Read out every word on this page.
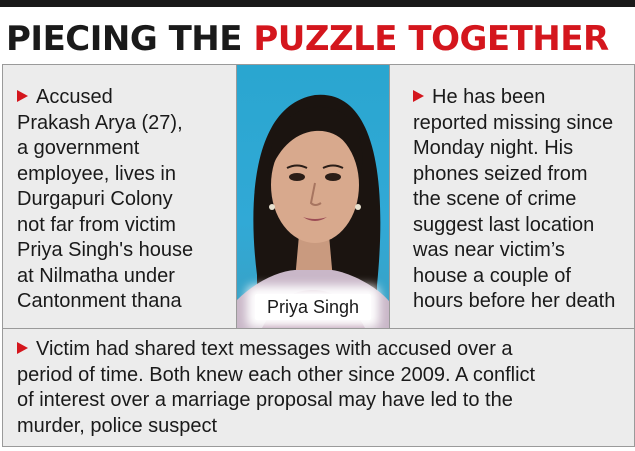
PIECING THE PUZZLE TOGETHER
Accused
Prakash Arya (27),
a government
employee, lives in
Durgapuri Colony
not far from victim
Priya Singh's house
at Nilmatha under
Cantonment thana	Priya Singh
He has been
reported missing since
Monday night. His
phones seized from
the scene of crime
suggest last location
was near victim’s
house a couple of
hours before her death
Victim had shared text messages with accused over a
period of time. Both knew each other since 2009. A conflict
of interest over a marriage proposal may have led to the
murder, police suspect
